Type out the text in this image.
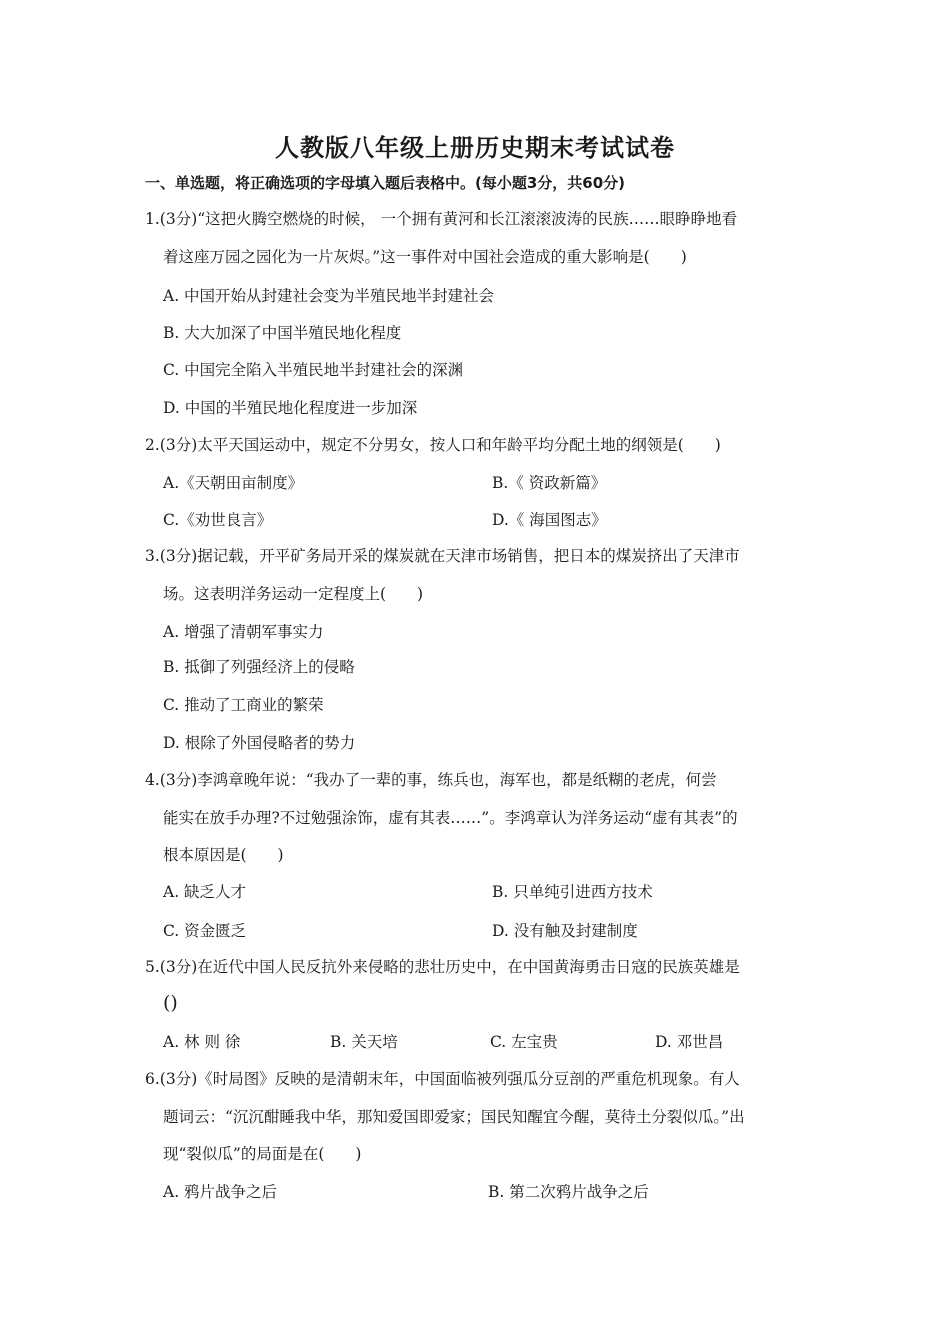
人教版八年级上册历史期末考试试卷
一、单选题，将正确选项的字母填入题后表格中。(每小题3分，共60分)
1.(3分)“这把火腾空燃烧的时候， 一个拥有黄河和长江滚滚波涛的民族……眼睁睁地看
着这座万园之园化为一片灰烬。”这一事件对中国社会造成的重大影响是(　　)
A. 中国开始从封建社会变为半殖民地半封建社会
B. 大大加深了中国半殖民地化程度
C. 中国完全陷入半殖民地半封建社会的深渊
D. 中国的半殖民地化程度进一步加深
2.(3分)太平天国运动中，规定不分男女，按人口和年龄平均分配土地的纲领是(　　)
A.《天朝田亩制度》	B.《 资政新篇》
C.《劝世良言》	D.《 海国图志》
3.(3分)据记载，开平矿务局开采的煤炭就在天津市场销售，把日本的煤炭挤出了天津市
场。这表明洋务运动一定程度上(　　)
A. 增强了清朝军事实力
B. 抵御了列强经济上的侵略
C. 推动了工商业的繁荣
D. 根除了外国侵略者的势力
4.(3分)李鸿章晚年说：“我办了一辈的事，练兵也，海军也，都是纸糊的老虎，何尝
能实在放手办理?不过勉强涂饰，虚有其表……”。李鸿章认为洋务运动“虚有其表”的
根本原因是(　　)
A. 缺乏人才	B. 只单纯引进西方技术
C. 资金匮乏	D. 没有触及封建制度
5.(3分)在近代中国人民反抗外来侵略的悲壮历史中，在中国黄海勇击日寇的民族英雄是
()
A. 林 则 徐	B. 关天培	C. 左宝贵	D. 邓世昌
6.(3分)《时局图》反映的是清朝末年，中国面临被列强瓜分豆剖的严重危机现象。有人
题词云：“沉沉酣睡我中华，那知爱国即爱家；国民知醒宜今醒，莫待土分裂似瓜。”出
现“裂似瓜”的局面是在(　　)
A. 鸦片战争之后	B. 第二次鸦片战争之后
